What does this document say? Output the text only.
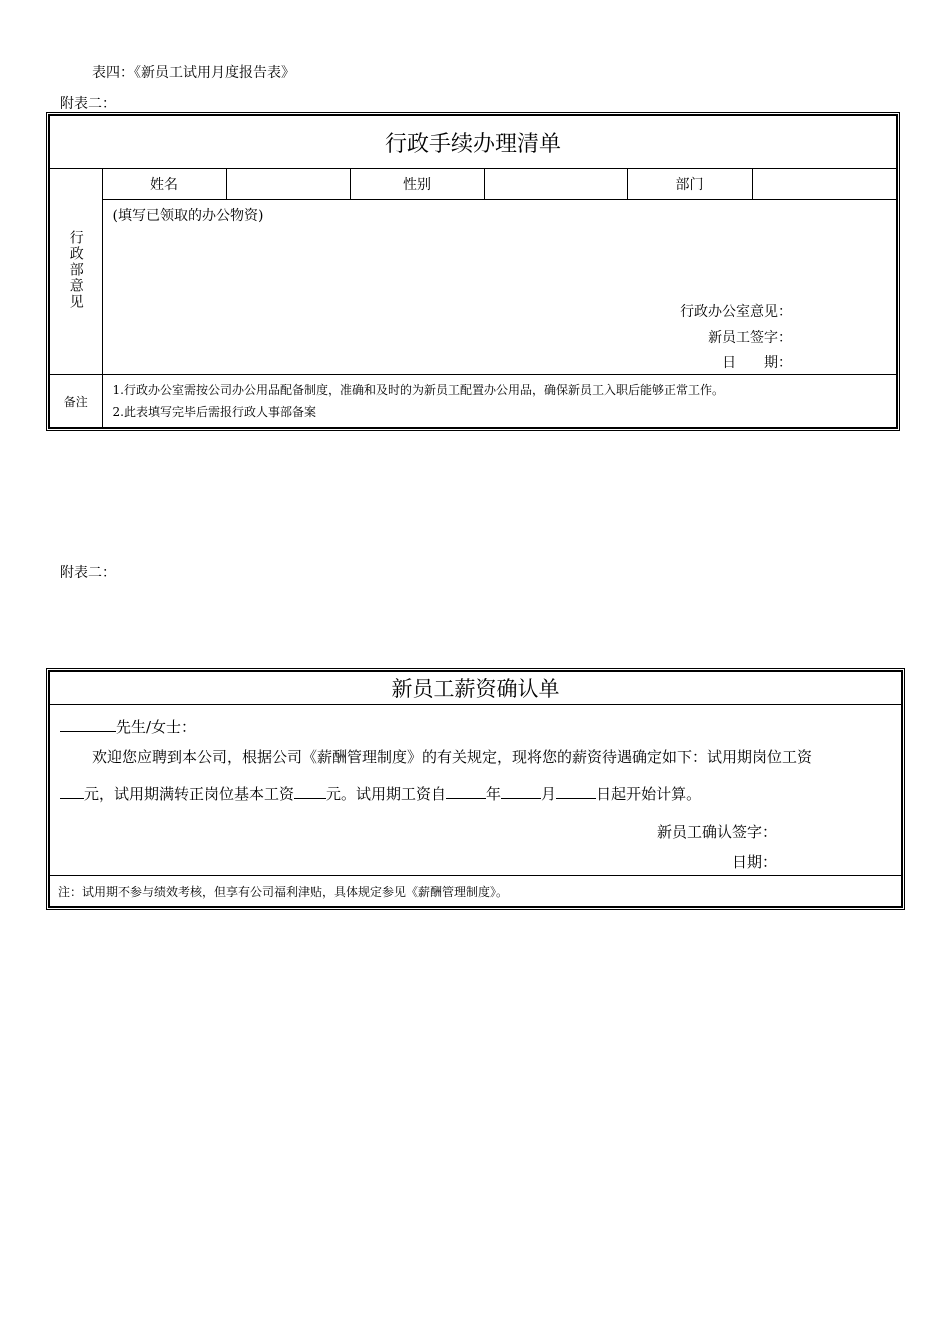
表四：《新员工试用月度报告表》
附表二：
行政手续办理清单						
行政部意见	姓名		性别		部门	

	(填写已领取的办公物资)
行政办公室意见：
新员工签字：
日　　期：					

备注	1.行政办公室需按公司办公用品配备制度，准确和及时的为新员工配置办公用品，确保新员工入职后能够正常工作。
2.此表填写完毕后需报行政人事部备案					
附表二：
新员工薪资确认单

先生/女士：
欢迎您应聘到本公司，根据公司《薪酬管理制度》的有关规定，现将您的薪资待遇确定如下：试用期岗位工资
元，试用期满转正岗位基本工资 元。试用期工资自	年	月	日起开始计算。
新员工确认签字：
日期：

注：试用期不参与绩效考核，但享有公司福利津贴，具体规定参见《薪酬管理制度》。
